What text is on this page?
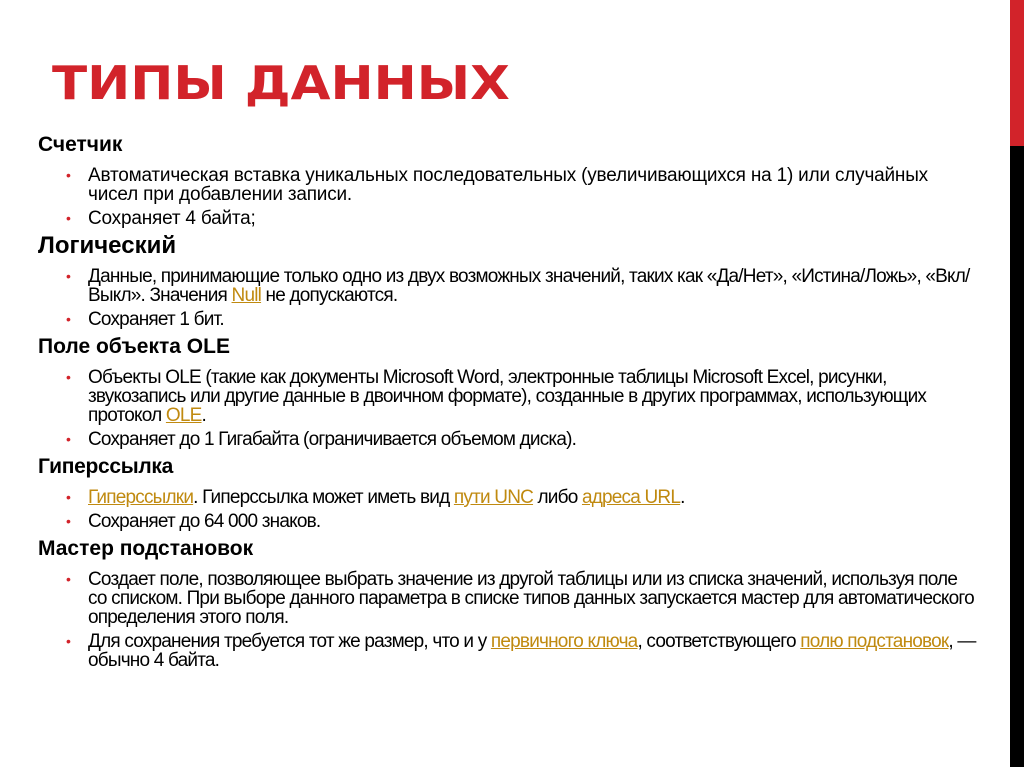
ТИПЫ ДАННЫХ
Счетчик
• Автоматическая вставка уникальных последовательных (увеличивающихся на 1) или случайных чисел при добавлении записи.
• Сохраняет 4 байта;
Логический
• Данные, принимающие только одно из двух возможных значений, таких как «Да/Нет», «Истина/Ложь», «Вкл/Выкл». Значения Null не допускаются.
• Сохраняет 1 бит.
Поле объекта OLE
• Объекты OLE (такие как документы Microsoft Word, электронные таблицы Microsoft Excel, рисунки, звукозапись или другие данные в двоичном формате), созданные в других программах, использующих протокол OLE.
• Сохраняет до 1 Гигабайта (ограничивается объемом диска).
Гиперссылка
• Гиперссылки. Гиперссылка может иметь вид пути UNC либо адреса URL.
• Сохраняет до 64 000 знаков.
Мастер подстановок
• Создает поле, позволяющее выбрать значение из другой таблицы или из списка значений, используя поле со списком. При выборе данного параметра в списке типов данных запускается мастер для автоматического определения этого поля.
• Для сохранения требуется тот же размер, что и у первичного ключа, соответствующего полю подстановок, — обычно 4 байта.
